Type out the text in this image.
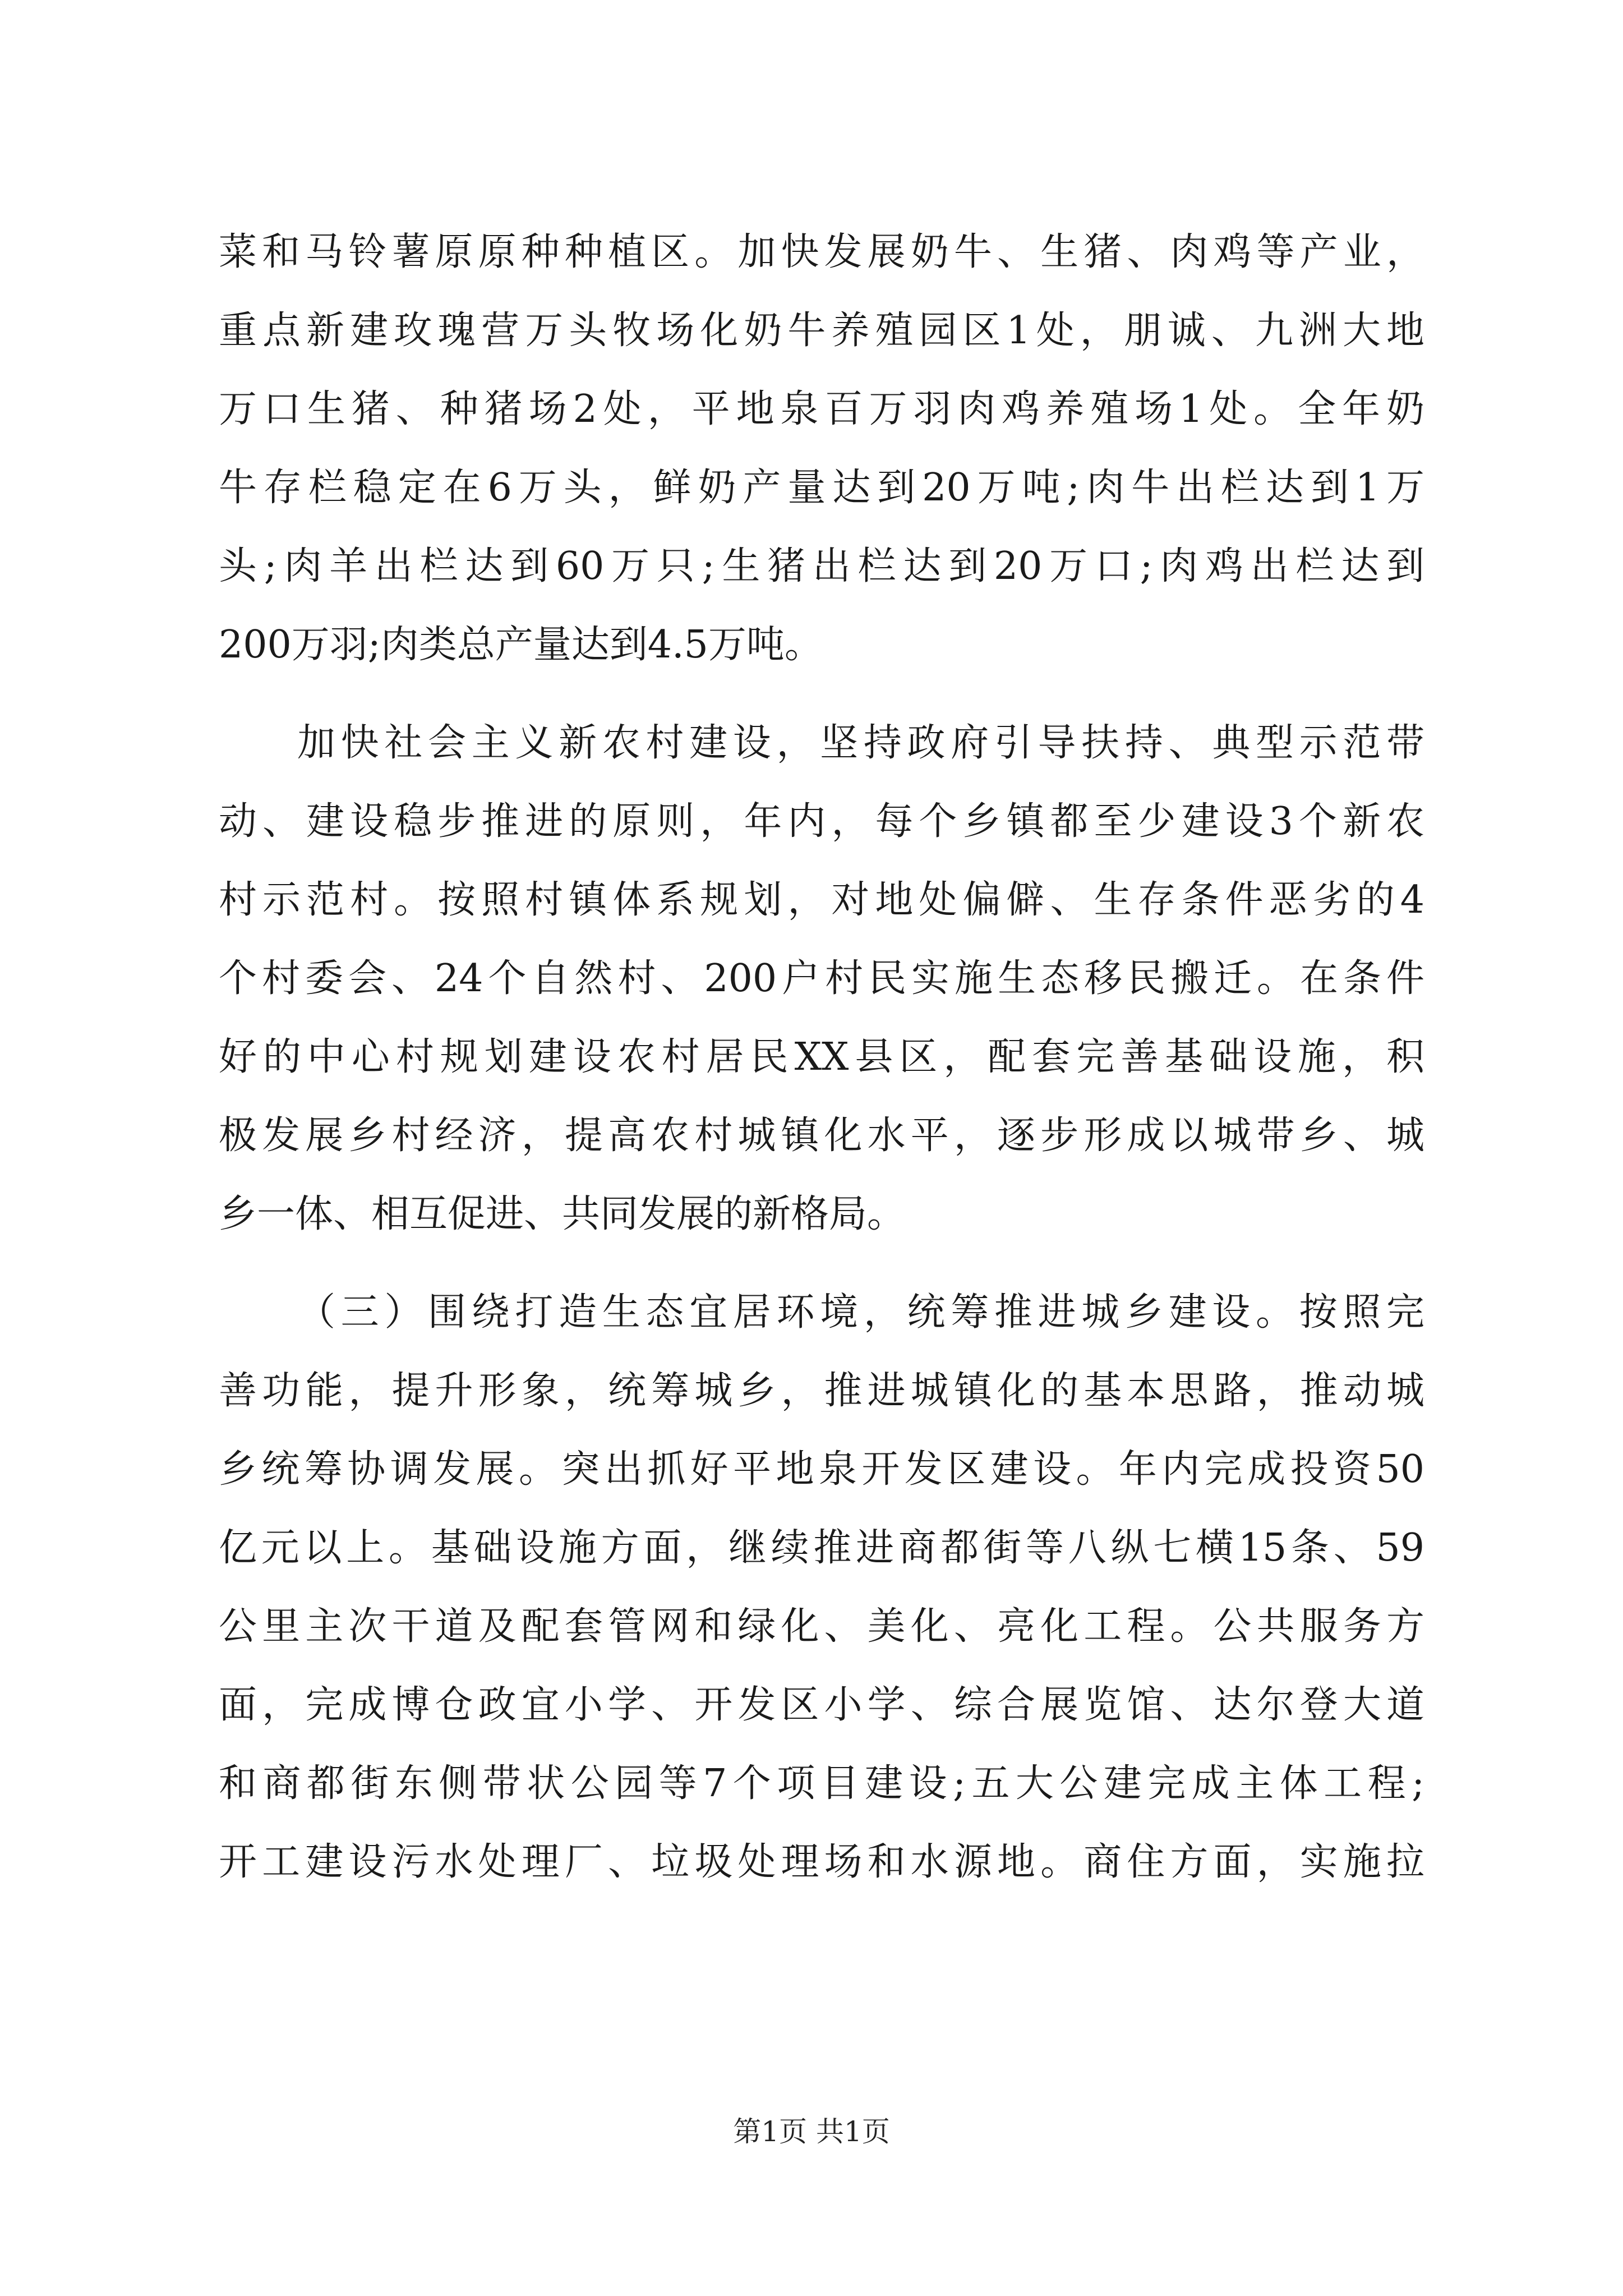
菜和马铃薯原原种种植区。加快发展奶牛、生猪、肉鸡等产业，
重点新建玫瑰营万头牧场化奶牛养殖园区1处，朋诚、九洲大地
万口生猪、种猪场2处，平地泉百万羽肉鸡养殖场1处。全年奶
牛存栏稳定在6万头，鲜奶产量达到20万吨;肉牛出栏达到1万
头;肉羊出栏达到60万只;生猪出栏达到20万口;肉鸡出栏达到
200万羽;肉类总产量达到4.5万吨。
加快社会主义新农村建设，坚持政府引导扶持、典型示范带
动、建设稳步推进的原则，年内，每个乡镇都至少建设3个新农
村示范村。按照村镇体系规划，对地处偏僻、生存条件恶劣的4
个村委会、24个自然村、200户村民实施生态移民搬迁。在条件
好的中心村规划建设农村居民XX县区，配套完善基础设施，积
极发展乡村经济，提高农村城镇化水平，逐步形成以城带乡、城
乡一体、相互促进、共同发展的新格局。
（三）围绕打造生态宜居环境，统筹推进城乡建设。按照完
善功能，提升形象，统筹城乡，推进城镇化的基本思路，推动城
乡统筹协调发展。突出抓好平地泉开发区建设。年内完成投资50
亿元以上。基础设施方面，继续推进商都街等八纵七横15条、59
公里主次干道及配套管网和绿化、美化、亮化工程。公共服务方
面，完成博仓政宜小学、开发区小学、综合展览馆、达尔登大道
和商都街东侧带状公园等7个项目建设;五大公建完成主体工程;
开工建设污水处理厂、垃圾处理场和水源地。商住方面，实施拉
第1页 共1页
